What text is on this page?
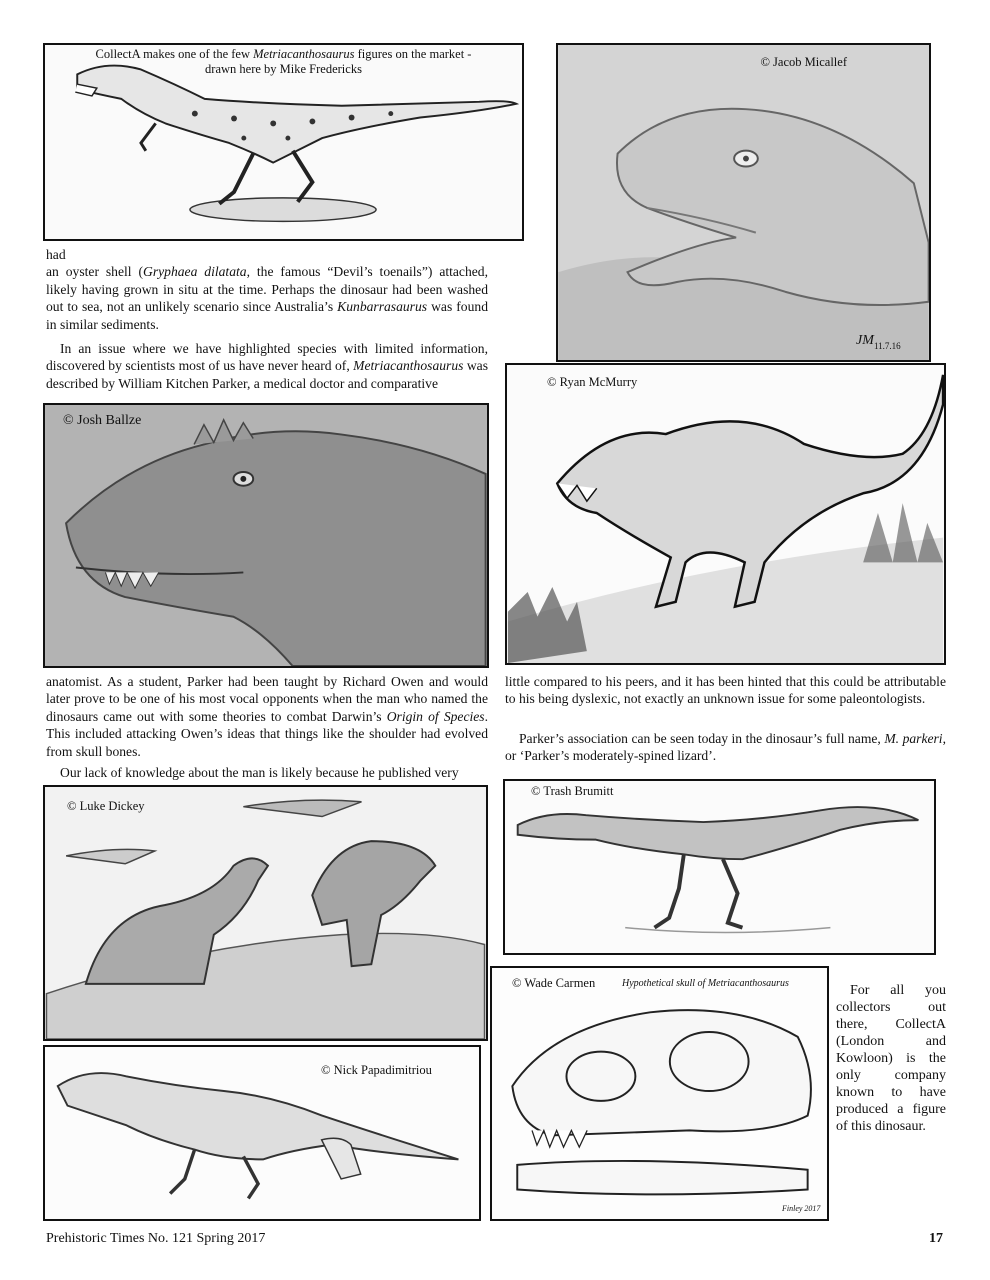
CollectA makes one of the few Metriacanthosaurus figures on the market -
drawn here by Mike Fredericks	© Jacob Micallef
JM 11.7.16

had
an oyster shell (Gryphaea dilatata, the famous “Devil’s toenails”) attached, likely having grown in situ at the time. Perhaps the dinosaur had been washed out to sea, not an unlikely scenario since Australia’s Kunbarrasaurus was found in similar sediments.

In an issue where we have highlighted species with limited information, discovered by scientists most of us have never heard of, Metriacanthosaurus was described by William Kitchen Parker, a medical doctor and comparative

© Josh Ballze
© Ryan McMurry

anatomist. As a student, Parker had been taught by Richard Owen and would later prove to be one of his most vocal opponents when the man who named the dinosaurs came out with some theories to combat Darwin’s Origin of Species. This included attacking Owen’s ideas that things like the shoulder had evolved from skull bones.

Our lack of knowledge about the man is likely because he published very

little compared to his peers, and it has been hinted that this could be attributable to his being dyslexic, not exactly an unknown issue for some paleontologists.

Parker’s association can be seen today in the dinosaur’s full name, M. parkeri, or ‘Parker’s moderately-spined lizard’.

© Luke Dickey
© Trash Brumitt
© Wade Carmen	Hypothetical skull of Metriacanthosaurus
Finley 2017
© Nick Papadimitriou

For all you collectors out there, CollectA (London and Kowloon) is the only company known to have produced a figure of this dinosaur.

Prehistoric Times No. 121 Spring 2017	17
